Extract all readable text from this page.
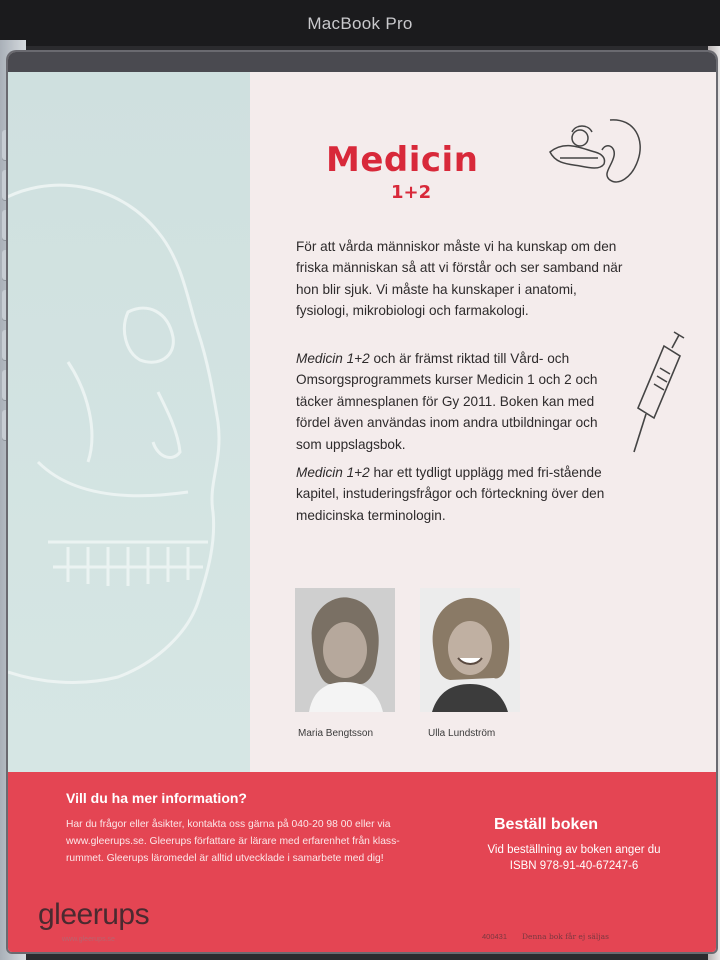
MacBook Pro
Medicin
1+2
För att vårda människor måste vi ha kunskap om den friska människan så att vi förstår och ser samband när hon blir sjuk. Vi måste ha kunskaper i anatomi, fysiologi, mikrobiologi och farmakologi.
Medicin 1+2 och är främst riktad till Vård- och Omsorgsprogrammets kurser Medicin 1 och 2 och täcker ämnesplanen för Gy 2011. Boken kan med fördel även användas inom andra utbildningar och som uppslagsbok.
Medicin 1+2 har ett tydligt upplägg med fri-stående kapitel, instuderingsfrågor och förteckning över den medicinska terminologin.
Maria Bengtsson	Ulla Lundström
Vill du ha mer information?
Har du frågor eller åsikter, kontakta oss gärna på 040-20 98 00 eller via www.gleerups.se. Gleerups författare är lärare med erfarenhet från klass-rummet. Gleerups läromedel är alltid utvecklade i samarbete med dig!
Beställ boken
Vid beställning av boken anger du ISBN 978-91-40-67247-6
gleerups
www.gleerups.se	400431 Denna bok får ej säljas
